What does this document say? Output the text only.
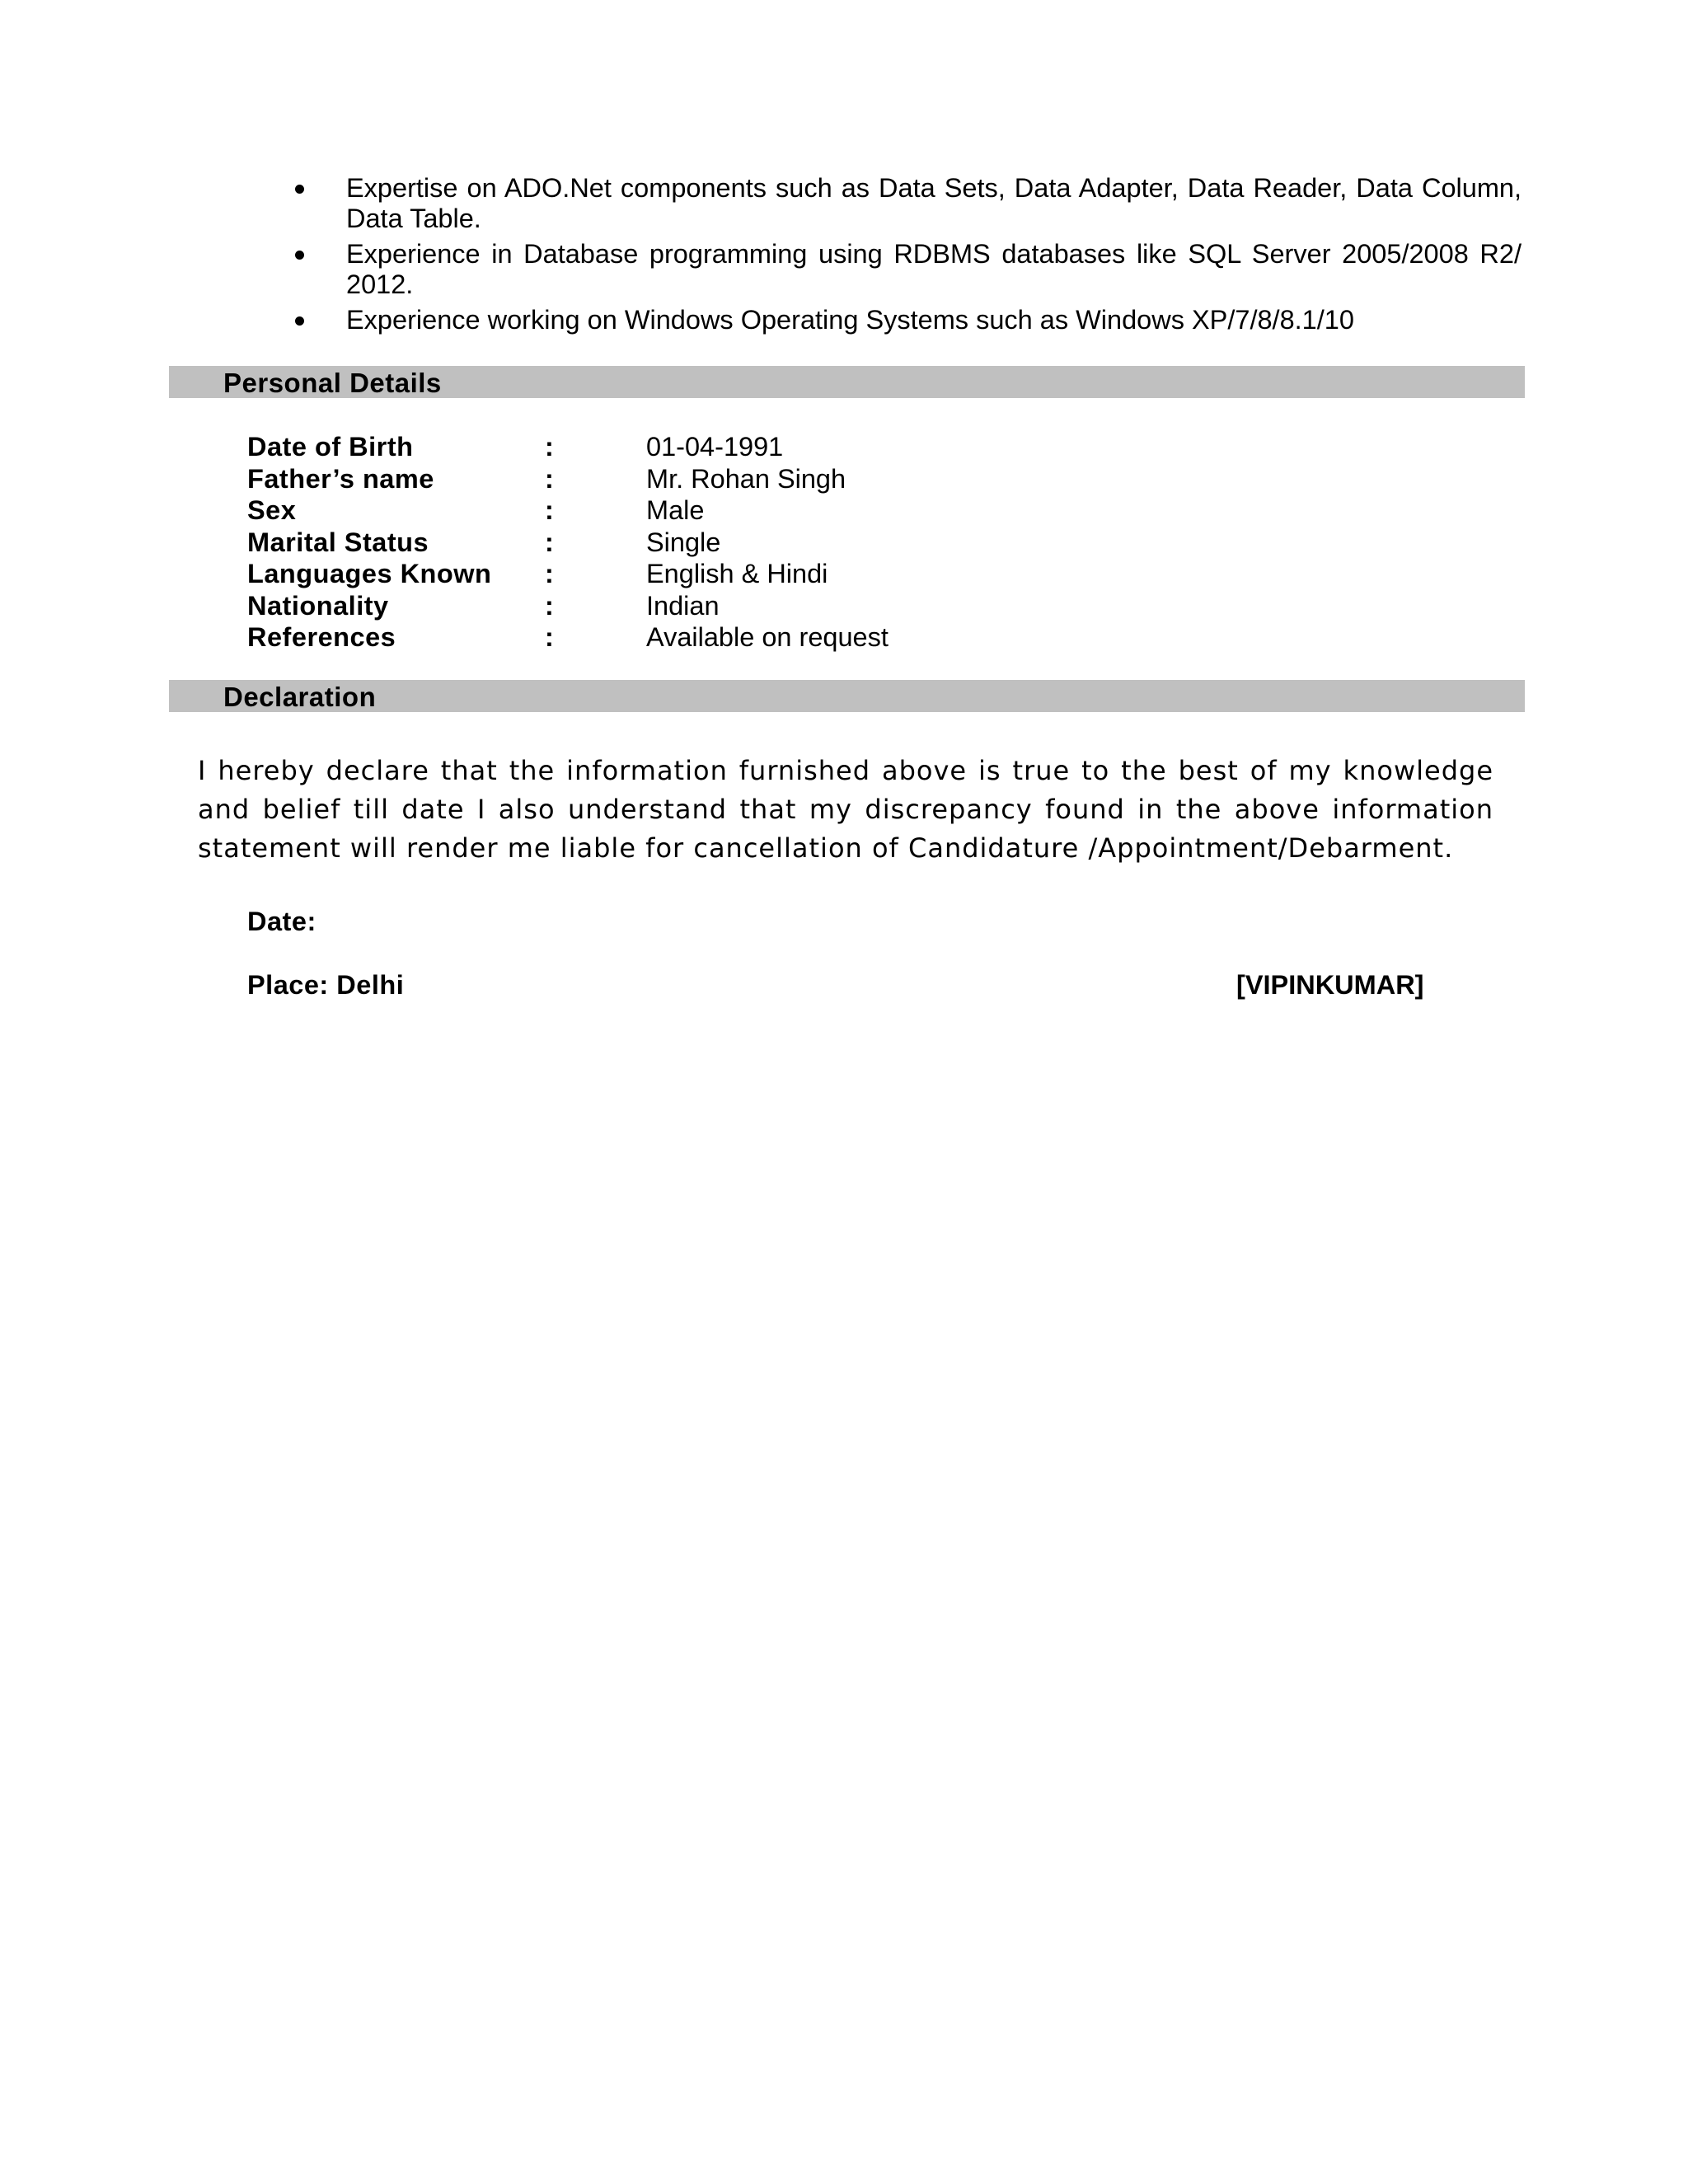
Expertise on ADO.Net components such as Data Sets, Data Adapter, Data Reader, Data Column, Data Table.
Experience in Database programming using RDBMS databases like SQL Server 2005/2008 R2/ 2012.
Experience working on Windows Operating Systems such as Windows XP/7/8/8.1/10
Personal Details
Date of Birth	:	01-04-1991
Father’s name	:	Mr. Rohan Singh
Sex	:	Male
Marital Status	:	Single
Languages Known :	English & Hindi
Nationality	:	Indian
References	:	Available on request
Declaration

I hereby declare that the information furnished above is true to the best of my knowledge and belief till date I also understand that my discrepancy found in the above information statement will render me liable for cancellation of Candidature /Appointment/Debarment.

Date:
Place: Delhi	[VIPINKUMAR]
